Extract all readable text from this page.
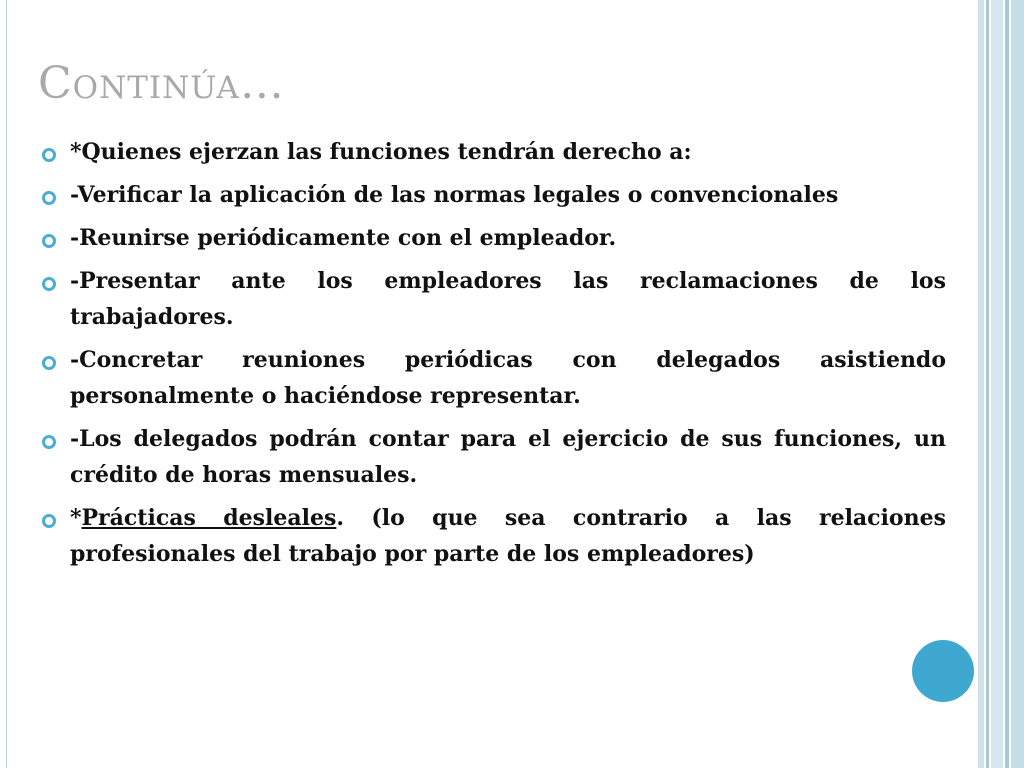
Continúa…
*Quienes ejerzan las funciones tendrán derecho a:
-Verificar la aplicación de las normas legales o convencionales
-Reunirse periódicamente con el empleador.
-Presentar ante los empleadores las reclamaciones de los trabajadores.
-Concretar reuniones periódicas con delegados asistiendo personalmente o haciéndose representar.
-Los delegados podrán contar para el ejercicio de sus funciones, un crédito de horas mensuales.
*Prácticas desleales. (lo que sea contrario a las relaciones profesionales del trabajo por parte de los empleadores)
